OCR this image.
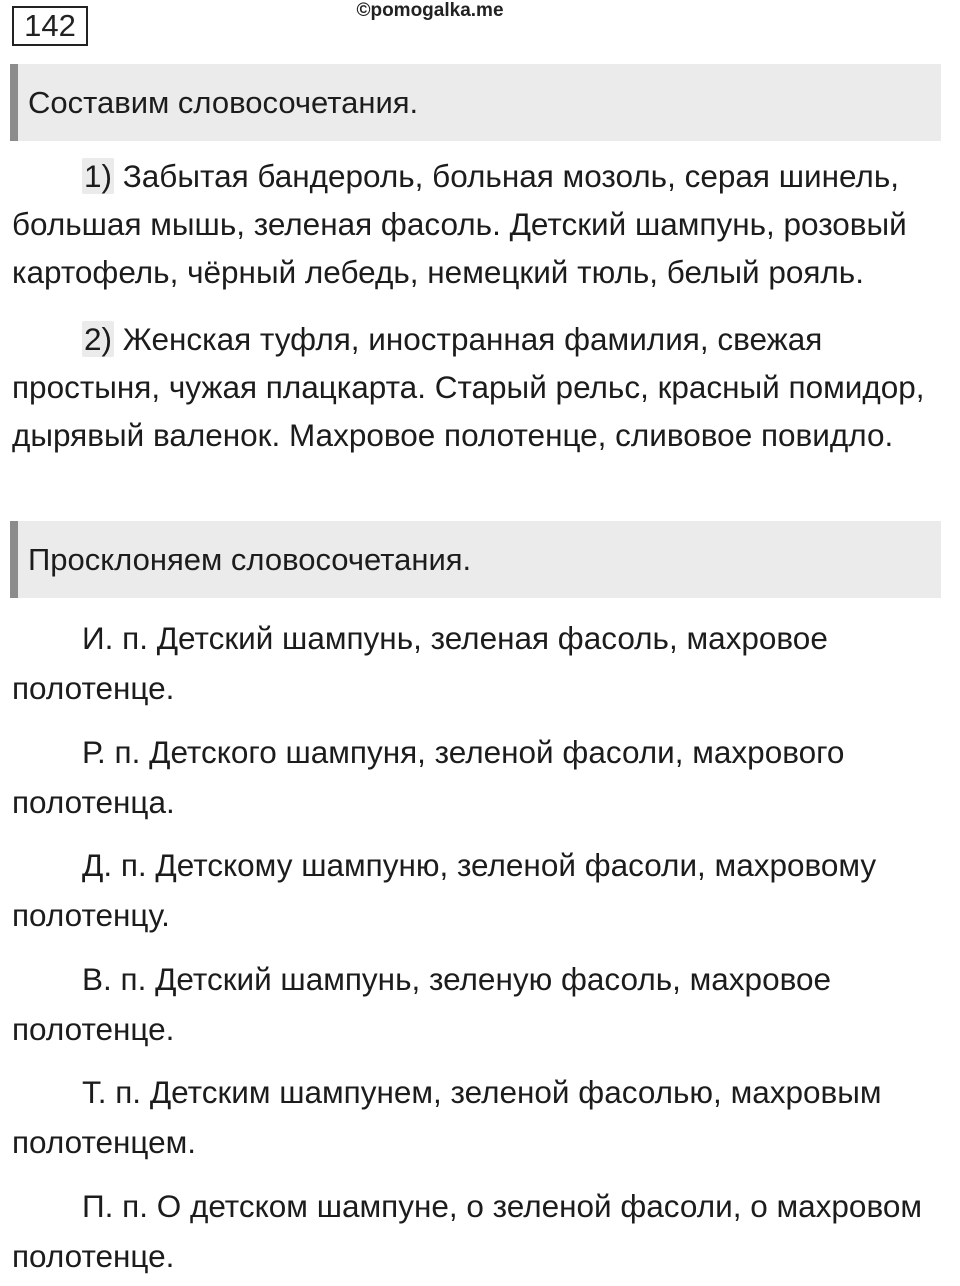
142	©pomogalka.me
Составим словосочетания.

1) Забытая бандероль, больная мозоль, серая шинель, большая мышь, зеленая фасоль. Детский шампунь, розовый картофель, чёрный лебедь, немецкий тюль, белый рояль.

2) Женская туфля, иностранная фамилия, свежая простыня, чужая плацкарта. Старый рельс, красный помидор, дырявый валенок. Махровое полотенце, сливовое повидло.

Просклоняем словосочетания.

И. п. Детский шампунь, зеленая фасоль, махровое полотенце.

Р. п. Детского шампуня, зеленой фасоли, махрового полотенца.

Д. п. Детскому шампуню, зеленой фасоли, махровому полотенцу.

В. п. Детский шампунь, зеленую фасоль, махровое полотенце.

Т. п. Детским шампунем, зеленой фасолью, махровым полотенцем.

П. п. О детском шампуне, о зеленой фасоли, о махровом полотенце.
